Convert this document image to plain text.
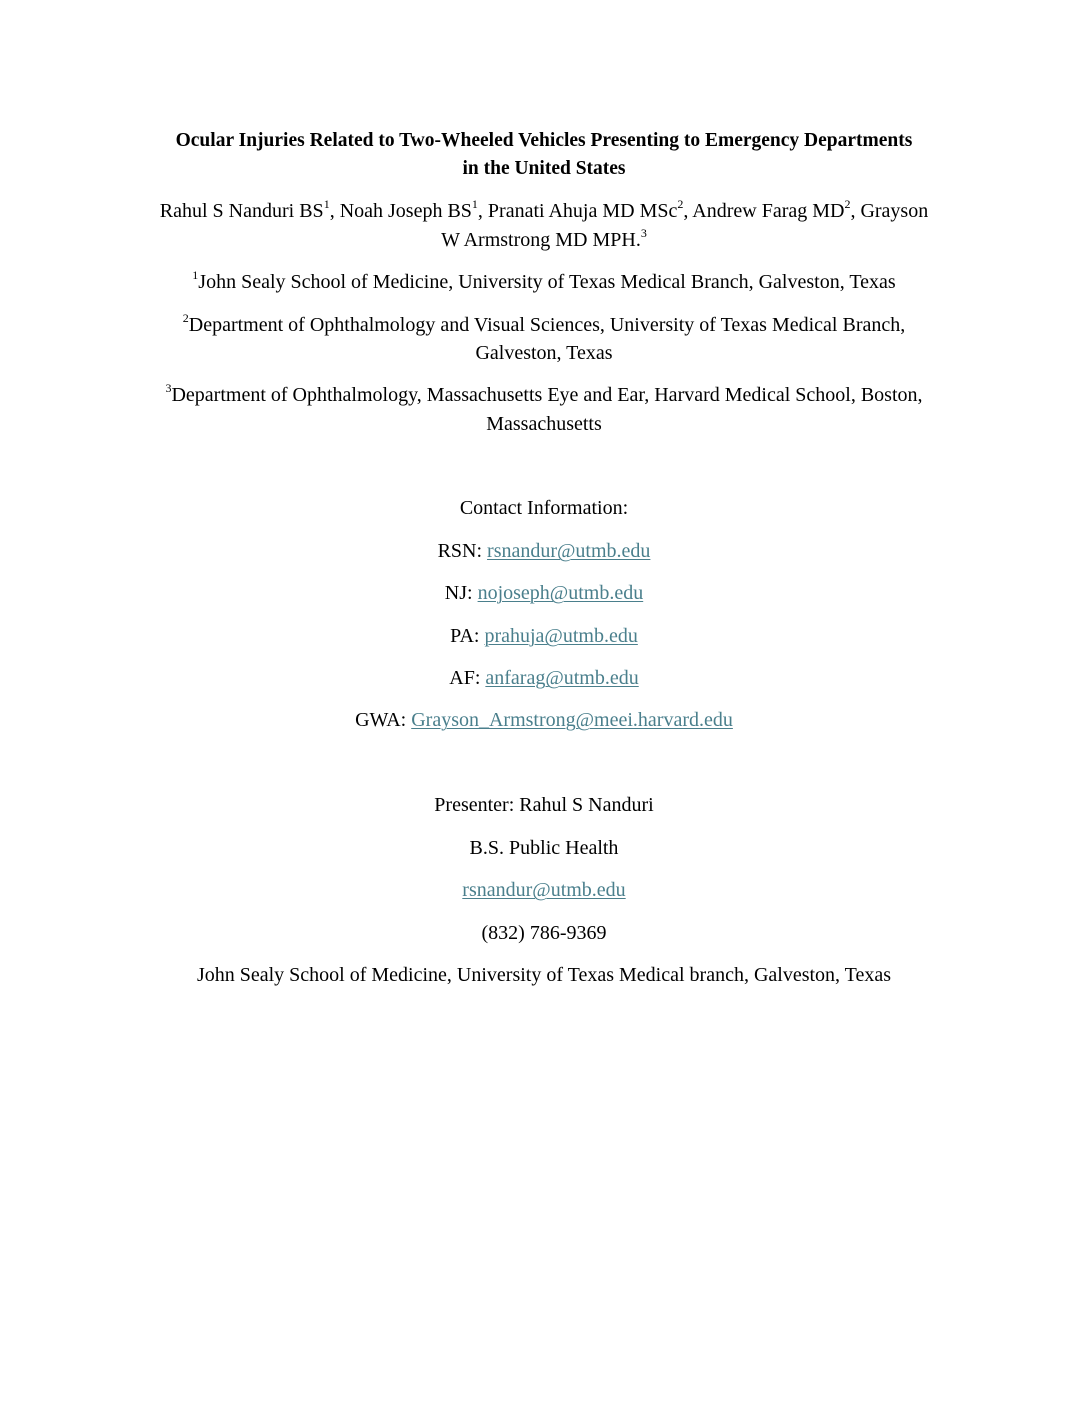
Ocular Injuries Related to Two-Wheeled Vehicles Presenting to Emergency Departments
in the United States
Rahul S Nanduri $BS^1$, Noah Joseph $BS^1$, Pranati Ahuja MD MSc$^2$, Andrew Farag $MD^2$, Grayson
W Armstrong MD MPH.$^3$
$^1$John Sealy School of Medicine, University of Texas Medical Branch, Galveston, Texas
$^2$Department of Ophthalmology and Visual Sciences, University of Texas Medical Branch,
Galveston, Texas
$^3$Department of Ophthalmology, Massachusetts Eye and Ear, Harvard Medical School, Boston,
Massachusetts
Contact Information:
RSN: rsnandur@utmb.edu
NJ: nojoseph@utmb.edu
PA: prahuja@utmb.edu
AF: anfarag@utmb.edu
GWA: Grayson_Armstrong@meei.harvard.edu
Presenter: Rahul S Nanduri
B.S. Public Health
rsnandur@utmb.edu
(832) 786-9369
John Sealy School of Medicine, University of Texas Medical branch, Galveston, Texas
